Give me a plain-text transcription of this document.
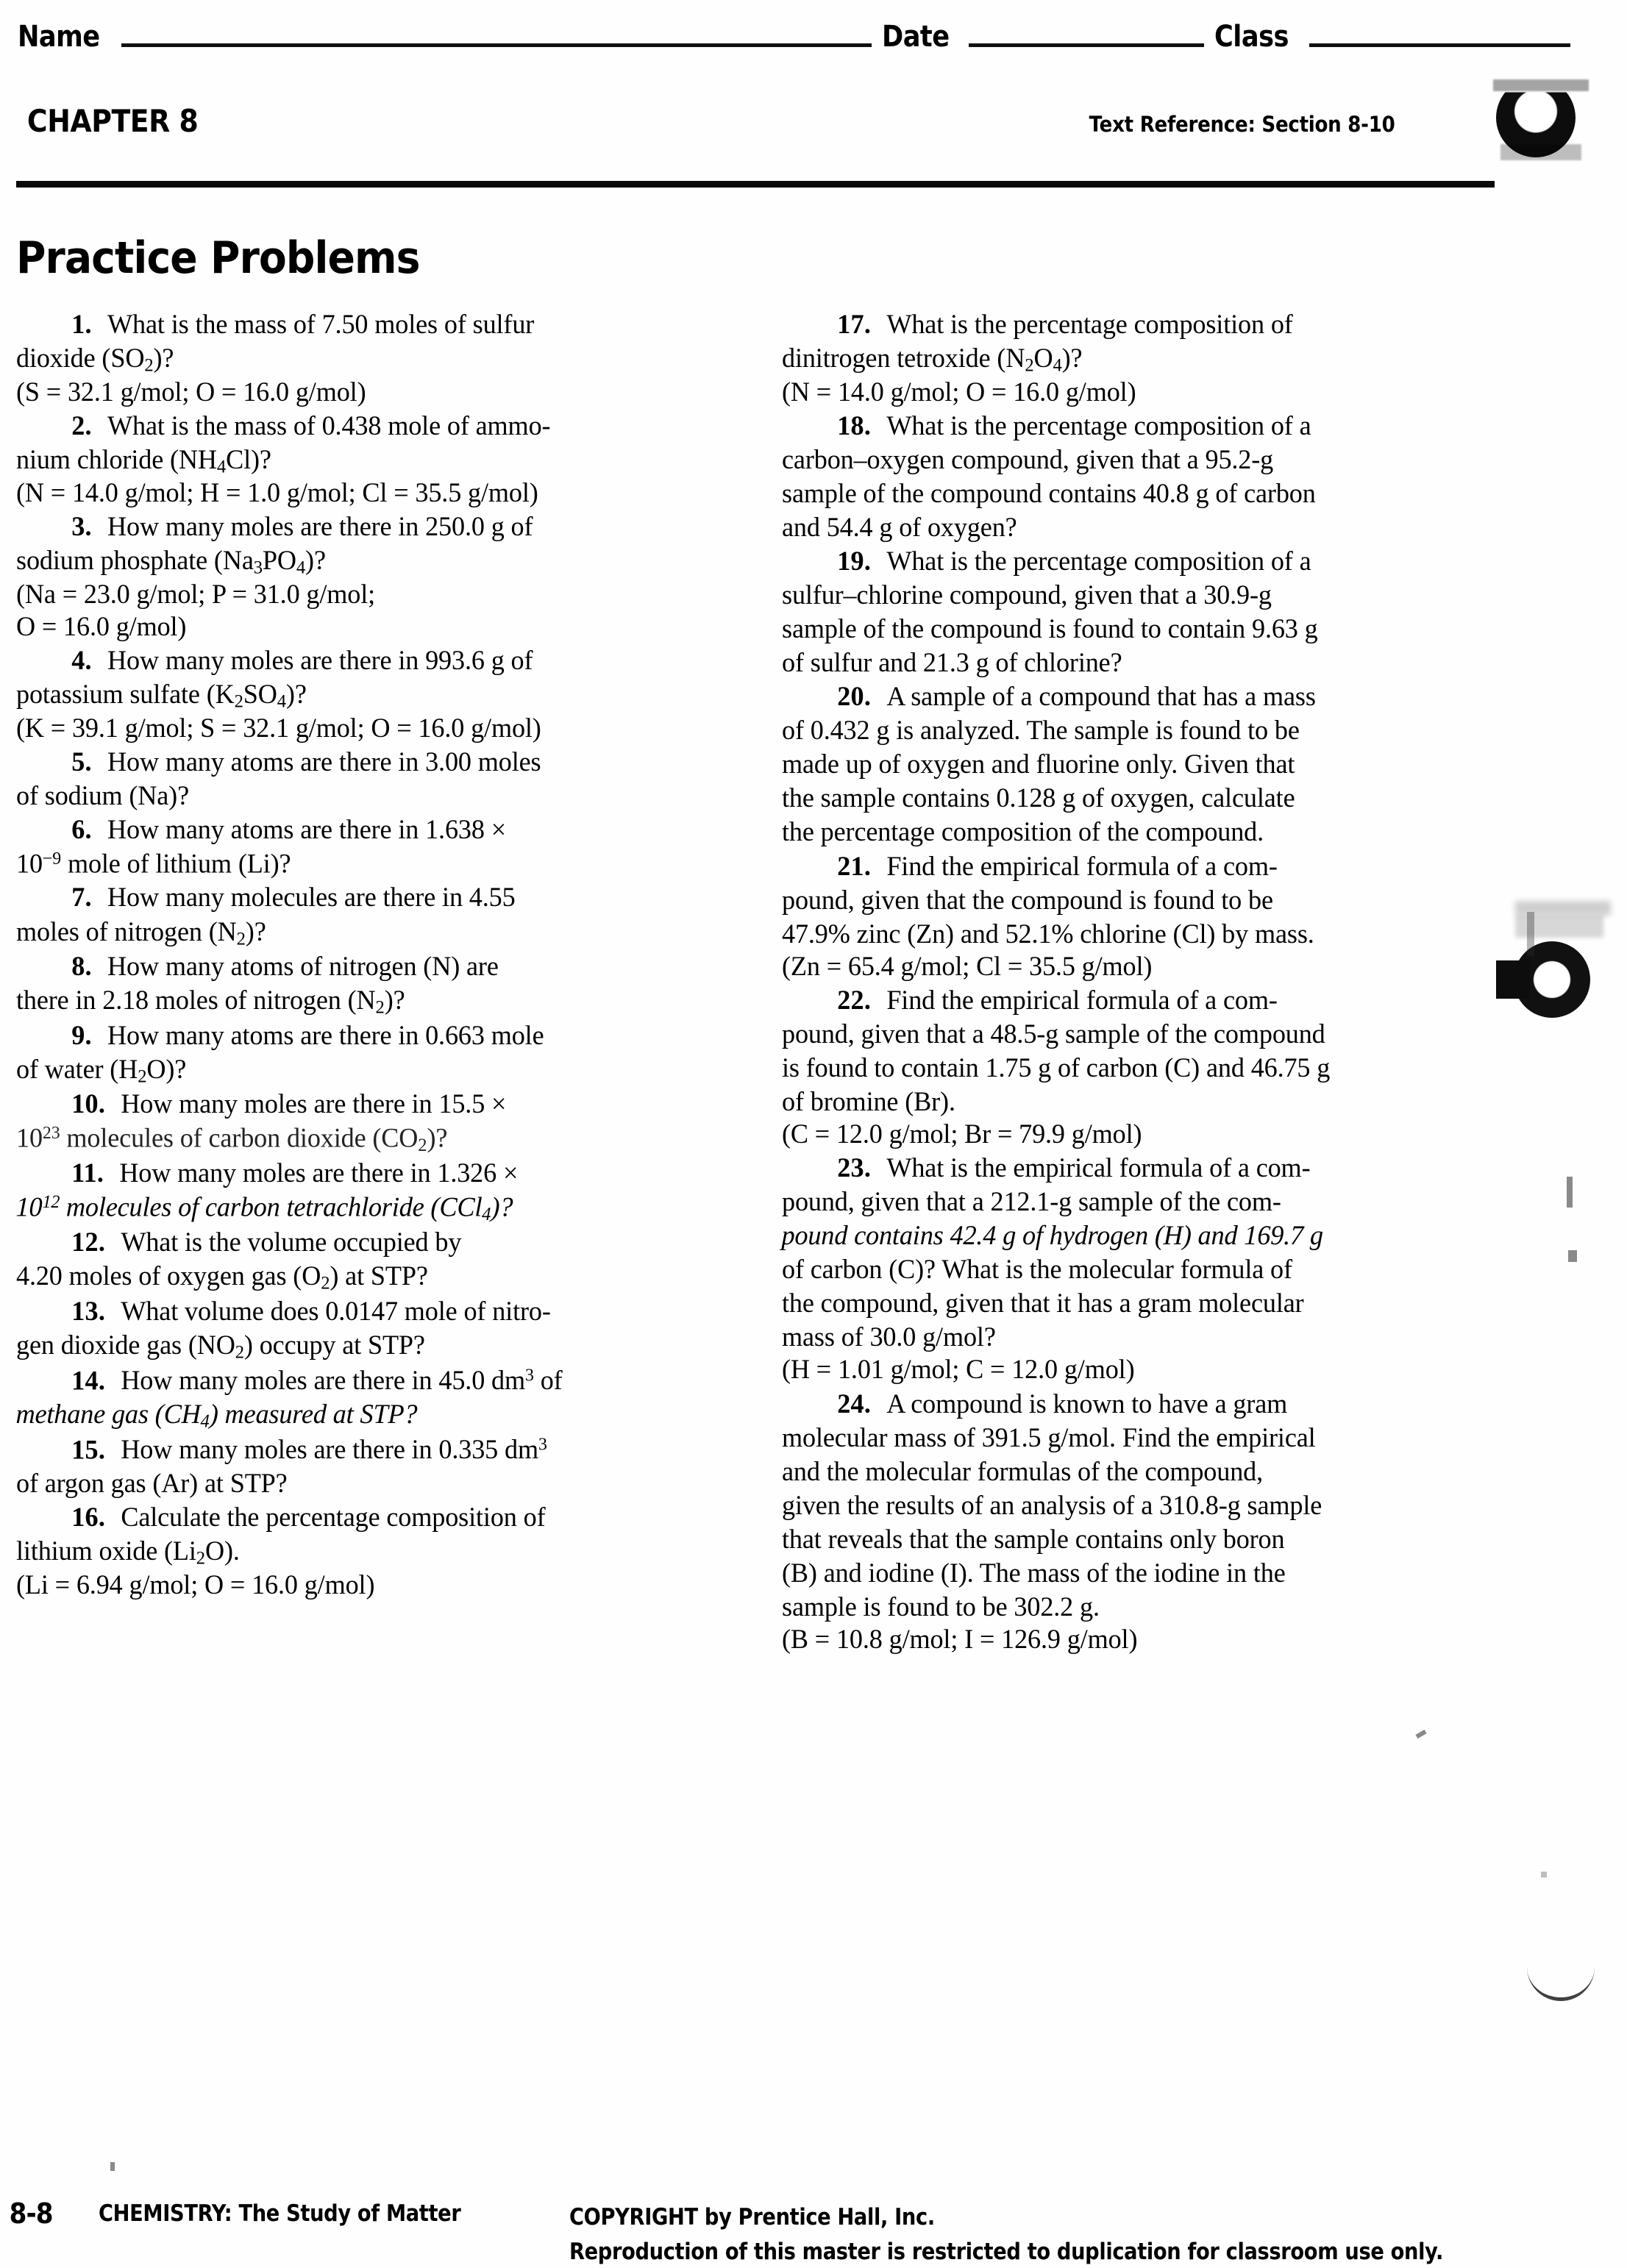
Name	Date	Class
CHAPTER 8	Text Reference: Section 8-10
Practice Problems

1. What is the mass of 7.50 moles of sulfur

dioxide $(SO_2)$?

(S = 32.1 g/mol; O = 16.0 g/mol)

2. What is the mass of 0.438 mole of ammo-

nium chloride $(NH_4Cl)$?

(N = 14.0 g/mol; H = 1.0 g/mol; Cl = 35.5 g/mol)

3. How many moles are there in 250.0 g of

sodium phosphate $(Na_3PO_4)$?

(Na = 23.0 g/mol; P = 31.0 g/mol;

O = 16.0 g/mol)

4. How many moles are there in 993.6 g of

potassium sulfate $(K_2SO_4)$?

(K = 39.1 g/mol; S = 32.1 g/mol; O = 16.0 g/mol)

5. How many atoms are there in 3.00 moles

of sodium (Na)?

6. How many atoms are there in 1.638 ×

$10^{-9}$ mole of lithium (Li)?

7. How many molecules are there in 4.55

moles of nitrogen $(N_2)$?

8. How many atoms of nitrogen (N) are

there in 2.18 moles of nitrogen $(N_2)$?

9. How many atoms are there in 0.663 mole

of water $(H_2O)$?

10. How many moles are there in 15.5 ×

$10^{23}$ molecules of carbon dioxide $(CO_2)$?

11. How many moles are there in 1.326 ×

$10^{12}$ molecules of carbon tetrachloride (CCl$_4$)?

12. What is the volume occupied by

4.20 moles of oxygen gas $(O_2)$ at STP?

13. What volume does 0.0147 mole of nitro-

gen dioxide gas $(NO_2)$ occupy at STP?

14. How many moles are there in 45.0 $dm^3$ of

methane gas $(CH_4)$ measured at STP?

15. How many moles are there in 0.335 $dm^3$

of argon gas (Ar) at STP?

16. Calculate the percentage composition of

lithium oxide $(Li_2O)$.

(Li = 6.94 g/mol; O = 16.0 g/mol)

17. What is the percentage composition of

dinitrogen tetroxide $(N_2O_4)$?

(N = 14.0 g/mol; O = 16.0 g/mol)

18. What is the percentage composition of a

carbon–oxygen compound, given that a 95.2-g

sample of the compound contains 40.8 g of carbon

and 54.4 g of oxygen?

19. What is the percentage composition of a

sulfur–chlorine compound, given that a 30.9-g

sample of the compound is found to contain 9.63 g

of sulfur and 21.3 g of chlorine?

20. A sample of a compound that has a mass

of 0.432 g is analyzed. The sample is found to be

made up of oxygen and fluorine only. Given that

the sample contains 0.128 g of oxygen, calculate

the percentage composition of the compound.

21. Find the empirical formula of a com-

pound, given that the compound is found to be

47.9% zinc (Zn) and 52.1% chlorine (Cl) by mass.

(Zn = 65.4 g/mol; Cl = 35.5 g/mol)

22. Find the empirical formula of a com-

pound, given that a 48.5-g sample of the compound

is found to contain 1.75 g of carbon (C) and 46.75 g

of bromine (Br).

(C = 12.0 g/mol; Br = 79.9 g/mol)

23. What is the empirical formula of a com-

pound, given that a 212.1-g sample of the com-

pound contains 42.4 g of hydrogen (H) and 169.7 g

of carbon (C)? What is the molecular formula of

the compound, given that it has a gram molecular

mass of 30.0 g/mol?

(H = 1.01 g/mol; C = 12.0 g/mol)

24. A compound is known to have a gram

molecular mass of 391.5 g/mol. Find the empirical

and the molecular formulas of the compound,

given the results of an analysis of a 310.8-g sample

that reveals that the sample contains only boron

(B) and iodine (I). The mass of the iodine in the

sample is found to be 302.2 g.

(B = 10.8 g/mol; I = 126.9 g/mol)

8-8	CHEMISTRY: The Study of Matter	COPYRIGHT by Prentice Hall, Inc.
Reproduction of this master is restricted to duplication for classroom use only.
